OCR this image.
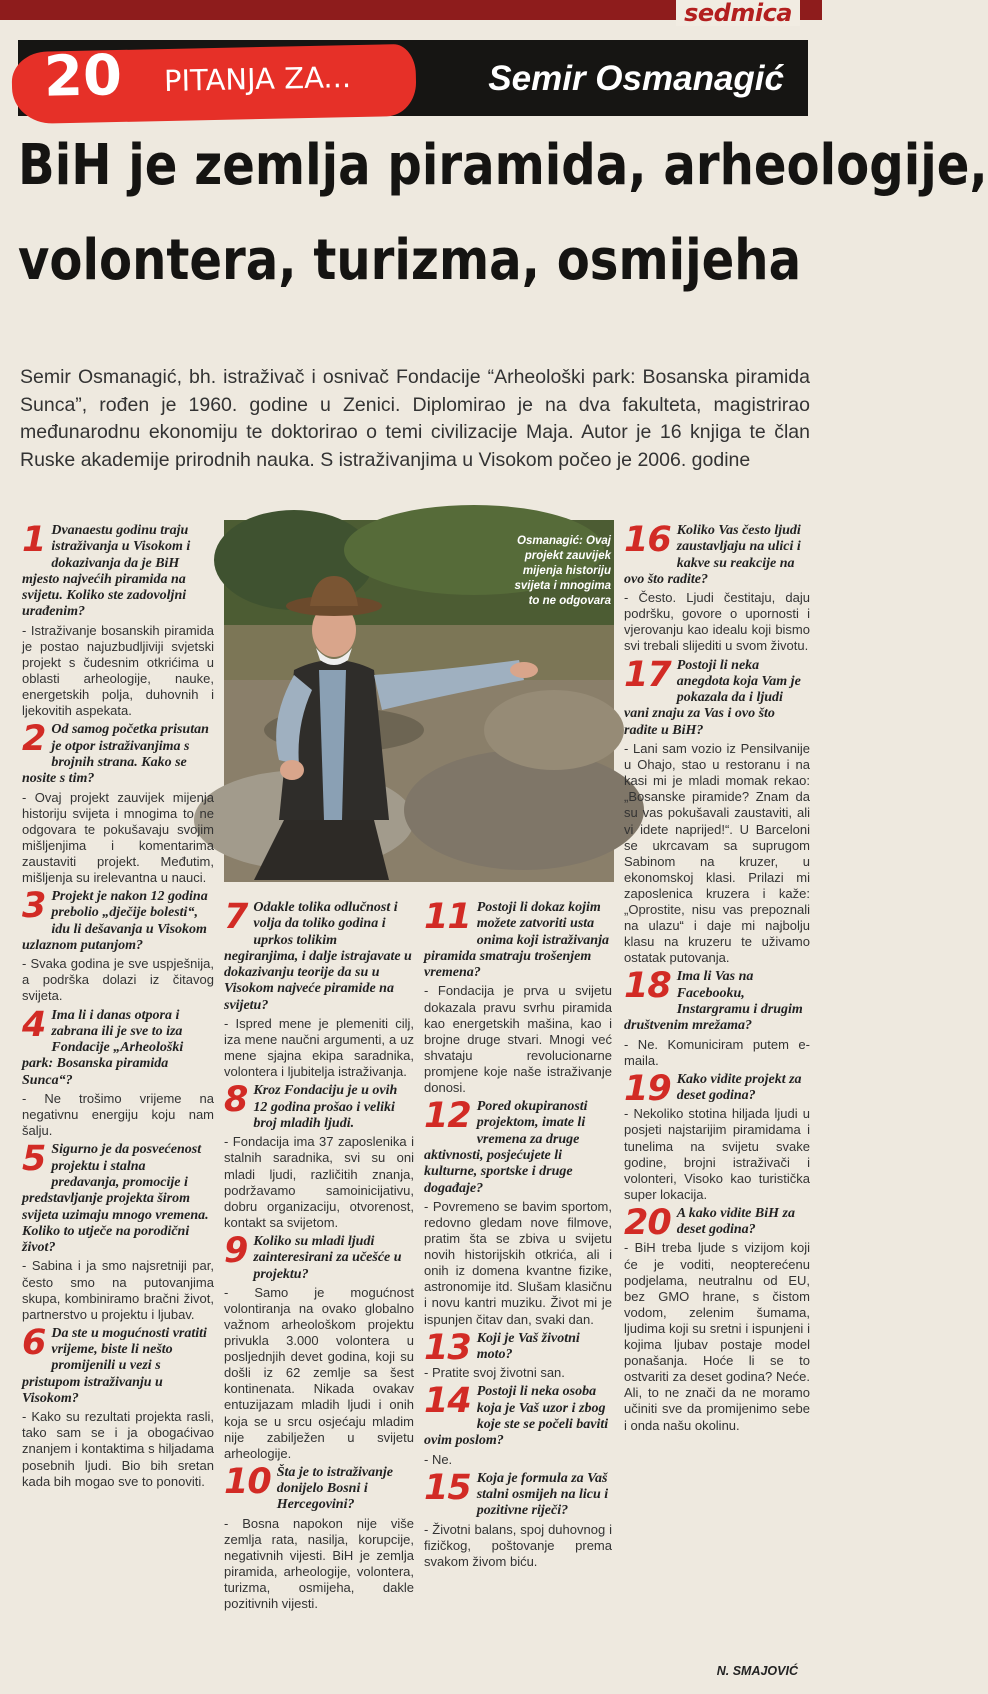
sedmica
20 PITANJA ZA...	Semir Osmanagić
BiH je zemlja piramida, arheologije,
volontera, turizma, osmijeha

Semir Osmanagić, bh. istraživač i osnivač Fondacije “Arheološki park: Bosanska piramida Sunca”, rođen je 1960. godine u Zenici. Diplomirao je na dva fakulteta, magistrirao međunarodnu ekonomiju te doktorirao o temi civilizacije Maja. Autor je 16 knjiga te član Ruske akademije prirodnih nauka. S istraživanjima u Visokom počeo je 2006. godine

Osmanagić: Ovaj projekt zauvijek mijenja historiju svijeta i mnogima to ne odgovara
1 Dvanaestu godinu traju istraživanja u Visokom i dokazivanja da je BiH mjesto najvećih piramida na svijetu. Koliko ste zadovoljni urađenim?

- Istraživanje bosanskih piramida je postao najuzbudljiviji svjetski projekt s čudesnim otkrićima u oblasti arheologije, nauke, energetskih polja, duhovnih i ljekovitih aspekata.

2 Od samog početka prisutan je otpor istraživanjima s brojnih strana. Kako se nosite s tim?

- Ovaj projekt zauvijek mijenja historiju svijeta i mnogima to ne odgovara te pokušavaju svojim mišljenjima i komentarima zaustaviti projekt. Međutim, mišljenja su irelevantna u nauci.

3 Projekt je nakon 12 godina prebolio „dječije bolesti“, idu li dešavanja u Visokom uzlaznom putanjom?

- Svaka godina je sve uspješnija, a podrška dolazi iz čitavog svijeta.

4 Ima li i danas otpora i zabrana ili je sve to iza Fondacije „Arheološki park: Bosanska piramida Sunca“?

- Ne trošimo vrijeme na negativnu energiju koju nam šalju.

5 Sigurno je da posvećenost projektu i stalna predavanja, promocije i predstavljanje projekta širom svijeta uzimaju mnogo vremena. Koliko to utječe na porodični život?

- Sabina i ja smo najsretniji par, često smo na putovanjima skupa, kombiniramo bračni život, partnerstvo u projektu i ljubav.

6 Da ste u mogućnosti vratiti vrijeme, biste li nešto promijenili u vezi s pristupom istraživanju u Visokom?

- Kako su rezultati projekta rasli, tako sam se i ja obogaćivao znanjem i kontaktima s hiljadama posebnih ljudi. Bio bih sretan kada bih mogao sve to ponoviti.

7 Odakle tolika odlučnost i volja da toliko godina i uprkos tolikim negiranjima, i dalje istrajavate u dokazivanju teorije da su u Visokom najveće piramide na svijetu?

- Ispred mene je plemeniti cilj, iza mene naučni argumenti, a uz mene sjajna ekipa saradnika, volontera i ljubitelja istraživanja.

8 Kroz Fondaciju je u ovih 12 godina prošao i veliki broj mladih ljudi.

- Fondacija ima 37 zaposlenika i stalnih saradnika, svi su oni mladi ljudi, različitih znanja, podržavamo samoinicijativu, dobru organizaciju, otvorenost, kontakt sa svijetom.

9 Koliko su mladi ljudi zainteresirani za učešće u projektu?

- Samo je mogućnost volontiranja na ovako globalno važnom arheološkom projektu privukla 3.000 volontera u posljednjih devet godina, koji su došli iz 62 zemlje sa šest kontinenata. Nikada ovakav entuzijazam mladih ljudi i onih koja se u srcu osjećaju mladim nije zabilježen u svijetu arheologije.

10 Šta je to istraživanje donijelo Bosni i Hercegovini?

- Bosna napokon nije više zemlja rata, nasilja, korupcije, negativnih vijesti. BiH je zemlja piramida, arheologije, volontera, turizma, osmijeha, dakle pozitivnih vijesti.

11 Postoji li dokaz kojim možete zatvoriti usta onima koji istraživanja piramida smatraju trošenjem vremena?

- Fondacija je prva u svijetu dokazala pravu svrhu piramida kao energetskih mašina, kao i brojne druge stvari. Mnogi već shvataju revolucionarne promjene koje naše istraživanje donosi.

12 Pored okupiranosti projektom, imate li vremena za druge aktivnosti, posjećujete li kulturne, sportske i druge događaje?

- Povremeno se bavim sportom, redovno gledam nove filmove, pratim šta se zbiva u svijetu novih historijskih otkrića, ali i onih iz domena kvantne fizike, astronomije itd. Slušam klasičnu i novu kantri muziku. Život mi je ispunjen čitav dan, svaki dan.

13 Koji je Vaš životni moto?

- Pratite svoj životni san.

14 Postoji li neka osoba koja je Vaš uzor i zbog koje ste se počeli baviti ovim poslom?

- Ne.

15 Koja je formula za Vaš stalni osmijeh na licu i pozitivne riječi?

- Životni balans, spoj duhovnog i fizičkog, poštovanje prema svakom živom biću.

16 Koliko Vas često ljudi zaustavljaju na ulici i kakve su reakcije na ovo što radite?

- Često. Ljudi čestitaju, daju podršku, govore o upornosti i vjerovanju kao idealu koji bismo svi trebali slijediti u svom životu.

17 Postoji li neka anegdota koja Vam je pokazala da i ljudi vani znaju za Vas i ovo što radite u BiH?

- Lani sam vozio iz Pensilvanije u Ohajo, stao u restoranu i na kasi mi je mladi momak rekao: „Bosanske piramide? Znam da su vas pokušavali zaustaviti, ali vi idete naprijed!“. U Barceloni se ukrcavam sa suprugom Sabinom na kruzer, u ekonomskoj klasi. Prilazi mi zaposlenica kruzera i kaže: „Oprostite, nisu vas prepoznali na ulazu“ i daje mi najbolju klasu na kruzeru te uživamo ostatak putovanja.

18 Ima li Vas na Facebooku, Instargramu i drugim društvenim mrežama?

- Ne. Komuniciram putem e-maila.

19 Kako vidite projekt za deset godina?

- Nekoliko stotina hiljada ljudi u posjeti najstarijim piramidama i tunelima na svijetu svake godine, brojni istraživači i volonteri, Visoko kao turistička super lokacija.

20 A kako vidite BiH za deset godina?

- BiH treba ljude s vizijom koji će je voditi, neopterećenu podjelama, neutralnu od EU, bez GMO hrane, s čistom vodom, zelenim šumama, ljudima koji su sretni i ispunjeni i kojima ljubav postaje model ponašanja. Hoće li se to ostvariti za deset godina? Neće. Ali, to ne znači da ne moramo učiniti sve da promijenimo sebe i onda našu okolinu.

N. SMAJOVIĆ
